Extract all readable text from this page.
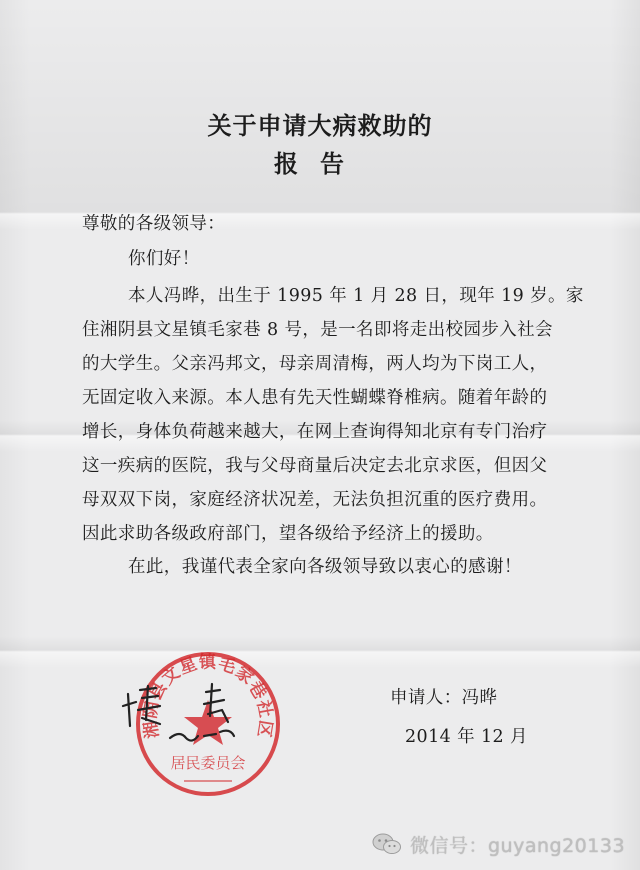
关于申请大病救助的
报告
尊敬的各级领导：
你们好！
本人冯晔，出生于 1995 年 1 月 28 日，现年 19 岁。家
住湘阴县文星镇毛家巷 8 号，是一名即将走出校园步入社会
的大学生。父亲冯邦文，母亲周清梅，两人均为下岗工人，
无固定收入来源。本人患有先天性蝴蝶脊椎病。随着年龄的
增长，身体负荷越来越大，在网上查询得知北京有专门治疗
这一疾病的医院，我与父母商量后决定去北京求医，但因父
母双双下岗，家庭经济状况差，无法负担沉重的医疗费用。
因此求助各级政府部门，望各级给予经济上的援助。
在此，我谨代表全家向各级领导致以衷心的感谢！
湘阴县文星镇毛家巷社区
居民委员会
申请人：冯晔
2014 年 12 月
微信号：guyang20133
